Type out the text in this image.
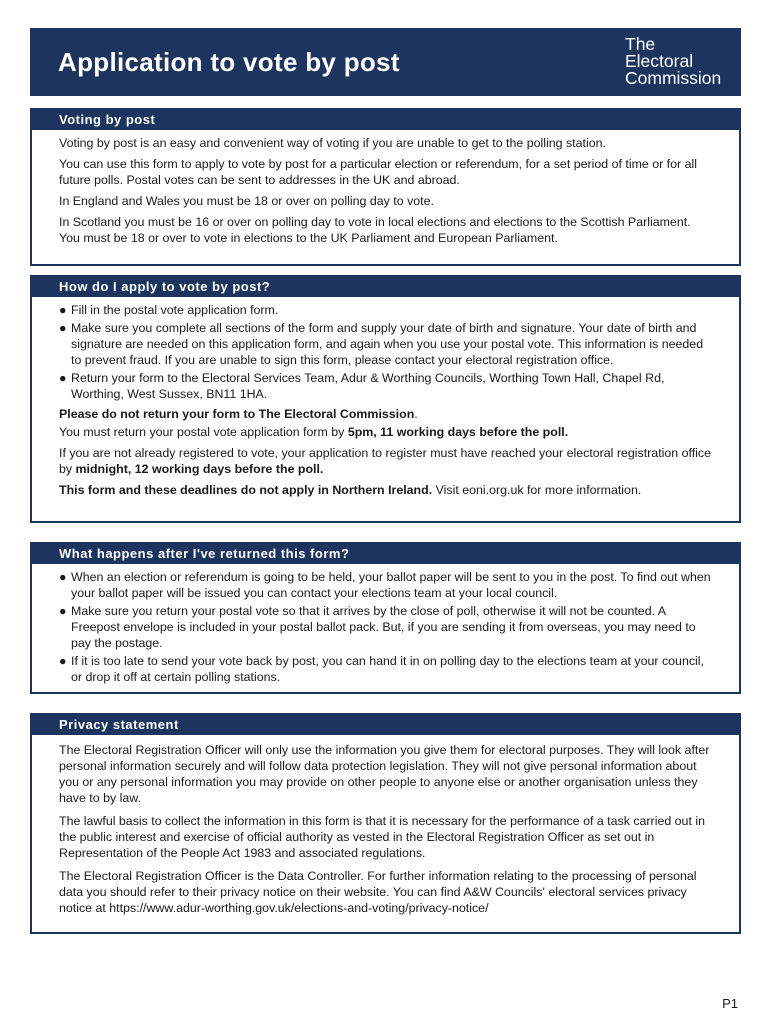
Application to vote by post
The
Electoral
Commission
Voting by post

Voting by post is an easy and convenient way of voting if you are unable to get to the polling station.

You can use this form to apply to vote by post for a particular election or referendum, for a set period of time or for all future polls. Postal votes can be sent to addresses in the UK and abroad.

In England and Wales you must be 18 or over on polling day to vote.

In Scotland you must be 16 or over on polling day to vote in local elections and elections to the Scottish Parliament. You must be 18 or over to vote in elections to the UK Parliament and European Parliament.

How do I apply to vote by post?
● Fill in the postal vote application form.
● Make sure you complete all sections of the form and supply your date of birth and signature. Your date of birth and signature are needed on this application form, and again when you use your postal vote. This information is needed to prevent fraud. If you are unable to sign this form, please contact your electoral registration office.
● Return your form to the Electoral Services Team, Adur & Worthing Councils, Worthing Town Hall, Chapel Rd, Worthing, West Sussex, BN11 1HA.

Please do not return your form to The Electoral Commission.

You must return your postal vote application form by 5pm, 11 working days before the poll.

If you are not already registered to vote, your application to register must have reached your electoral registration office by midnight, 12 working days before the poll.

This form and these deadlines do not apply in Northern Ireland. Visit eoni.org.uk for more information.

What happens after I've returned this form?
● When an election or referendum is going to be held, your ballot paper will be sent to you in the post. To find out when your ballot paper will be issued you can contact your elections team at your local council.
● Make sure you return your postal vote so that it arrives by the close of poll, otherwise it will not be counted. A Freepost envelope is included in your postal ballot pack. But, if you are sending it from overseas, you may need to pay the postage.
● If it is too late to send your vote back by post, you can hand it in on polling day to the elections team at your council, or drop it off at certain polling stations.
Privacy statement

The Electoral Registration Officer will only use the information you give them for electoral purposes. They will look after personal information securely and will follow data protection legislation. They will not give personal information about you or any personal information you may provide on other people to anyone else or another organisation unless they have to by law.

The lawful basis to collect the information in this form is that it is necessary for the performance of a task carried out in the public interest and exercise of official authority as vested in the Electoral Registration Officer as set out in Representation of the People Act 1983 and associated regulations.

The Electoral Registration Officer is the Data Controller. For further information relating to the processing of personal data you should refer to their privacy notice on their website. You can find A&W Councils' electoral services privacy notice at https://www.adur-worthing.gov.uk/elections-and-voting/privacy-notice/

P1
